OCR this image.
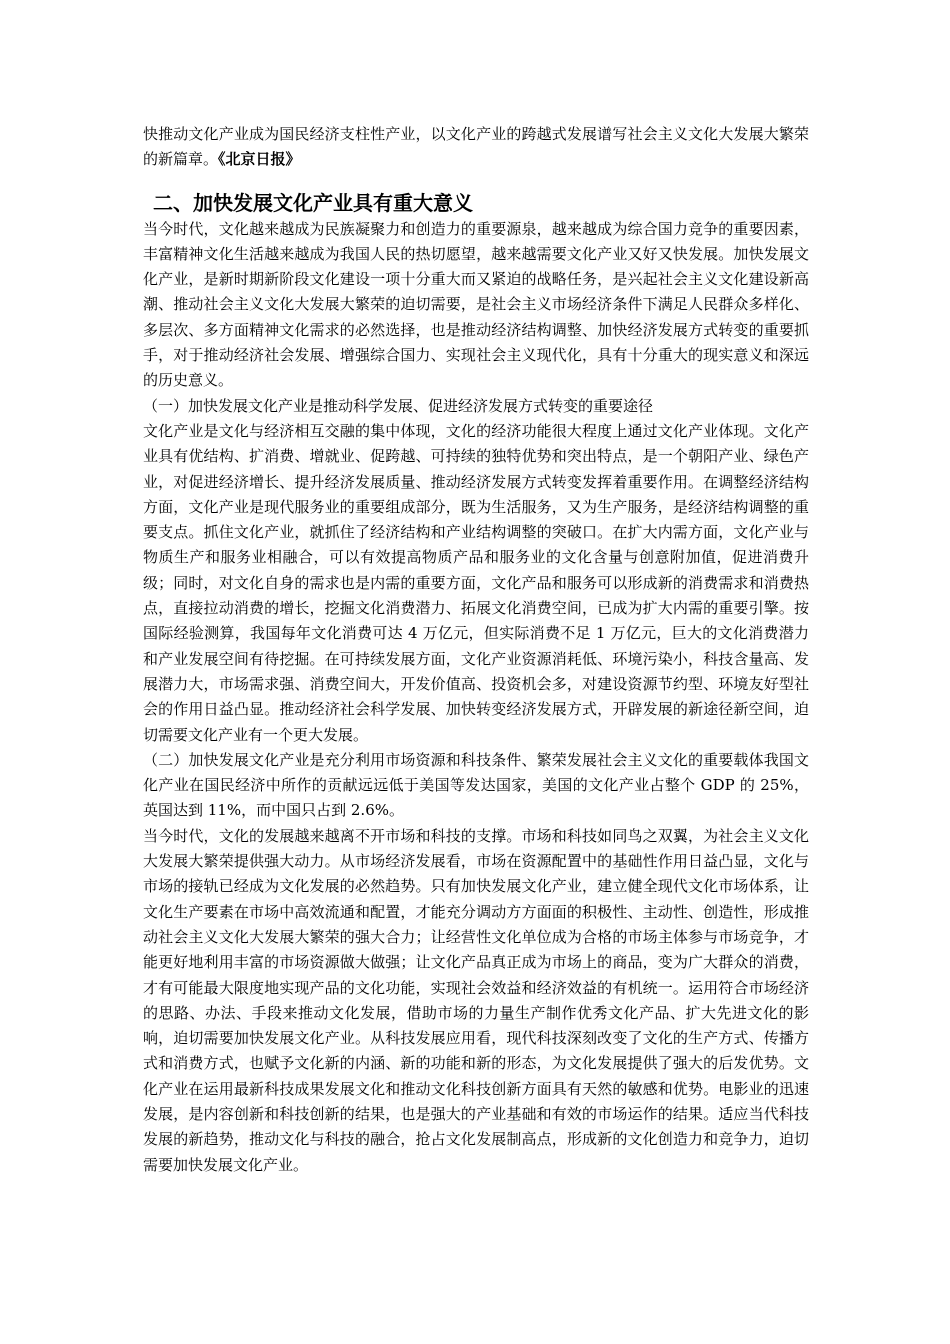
快推动文化产业成为国民经济支柱性产业，以文化产业的跨越式发展谱写社会主义文化大发展大繁荣的新篇章。《北京日报》

二、加快发展文化产业具有重大意义

当今时代，文化越来越成为民族凝聚力和创造力的重要源泉，越来越成为综合国力竞争的重要因素，丰富精神文化生活越来越成为我国人民的热切愿望，越来越需要文化产业又好又快发展。加快发展文化产业，是新时期新阶段文化建设一项十分重大而又紧迫的战略任务，是兴起社会主义文化建设新高潮、推动社会主义文化大发展大繁荣的迫切需要，是社会主义市场经济条件下满足人民群众多样化、多层次、多方面精神文化需求的必然选择，也是推动经济结构调整、加快经济发展方式转变的重要抓手，对于推动经济社会发展、增强综合国力、实现社会主义现代化，具有十分重大的现实意义和深远的历史意义。

（一）加快发展文化产业是推动科学发展、促进经济发展方式转变的重要途径

文化产业是文化与经济相互交融的集中体现，文化的经济功能很大程度上通过文化产业体现。文化产业具有优结构、扩消费、增就业、促跨越、可持续的独特优势和突出特点，是一个朝阳产业、绿色产业，对促进经济增长、提升经济发展质量、推动经济发展方式转变发挥着重要作用。在调整经济结构方面，文化产业是现代服务业的重要组成部分，既为生活服务，又为生产服务，是经济结构调整的重要支点。抓住文化产业，就抓住了经济结构和产业结构调整的突破口。在扩大内需方面，文化产业与物质生产和服务业相融合，可以有效提高物质产品和服务业的文化含量与创意附加值，促进消费升级；同时，对文化自身的需求也是内需的重要方面，文化产品和服务可以形成新的消费需求和消费热点，直接拉动消费的增长，挖掘文化消费潜力、拓展文化消费空间，已成为扩大内需的重要引擎。按国际经验测算，我国每年文化消费可达 4 万亿元，但实际消费不足 1 万亿元，巨大的文化消费潜力和产业发展空间有待挖掘。在可持续发展方面，文化产业资源消耗低、环境污染小，科技含量高、发展潜力大，市场需求强、消费空间大，开发价值高、投资机会多，对建设资源节约型、环境友好型社会的作用日益凸显。推动经济社会科学发展、加快转变经济发展方式，开辟发展的新途径新空间，迫切需要文化产业有一个更大发展。

（二）加快发展文化产业是充分利用市场资源和科技条件、繁荣发展社会主义文化的重要载体我国文化产业在国民经济中所作的贡献远远低于美国等发达国家，美国的文化产业占整个 GDP 的 25%，英国达到 11%，而中国只占到 2.6%。

当今时代，文化的发展越来越离不开市场和科技的支撑。市场和科技如同鸟之双翼，为社会主义文化大发展大繁荣提供强大动力。从市场经济发展看，市场在资源配置中的基础性作用日益凸显，文化与市场的接轨已经成为文化发展的必然趋势。只有加快发展文化产业，建立健全现代文化市场体系，让文化生产要素在市场中高效流通和配置，才能充分调动方方面面的积极性、主动性、创造性，形成推动社会主义文化大发展大繁荣的强大合力；让经营性文化单位成为合格的市场主体参与市场竞争，才能更好地利用丰富的市场资源做大做强；让文化产品真正成为市场上的商品，变为广大群众的消费，才有可能最大限度地实现产品的文化功能，实现社会效益和经济效益的有机统一。运用符合市场经济的思路、办法、手段来推动文化发展，借助市场的力量生产制作优秀文化产品、扩大先进文化的影响，迫切需要加快发展文化产业。从科技发展应用看，现代科技深刻改变了文化的生产方式、传播方式和消费方式，也赋予文化新的内涵、新的功能和新的形态，为文化发展提供了强大的后发优势。文化产业在运用最新科技成果发展文化和推动文化科技创新方面具有天然的敏感和优势。电影业的迅速发展，是内容创新和科技创新的结果，也是强大的产业基础和有效的市场运作的结果。适应当代科技发展的新趋势，推动文化与科技的融合，抢占文化发展制高点，形成新的文化创造力和竞争力，迫切需要加快发展文化产业。
